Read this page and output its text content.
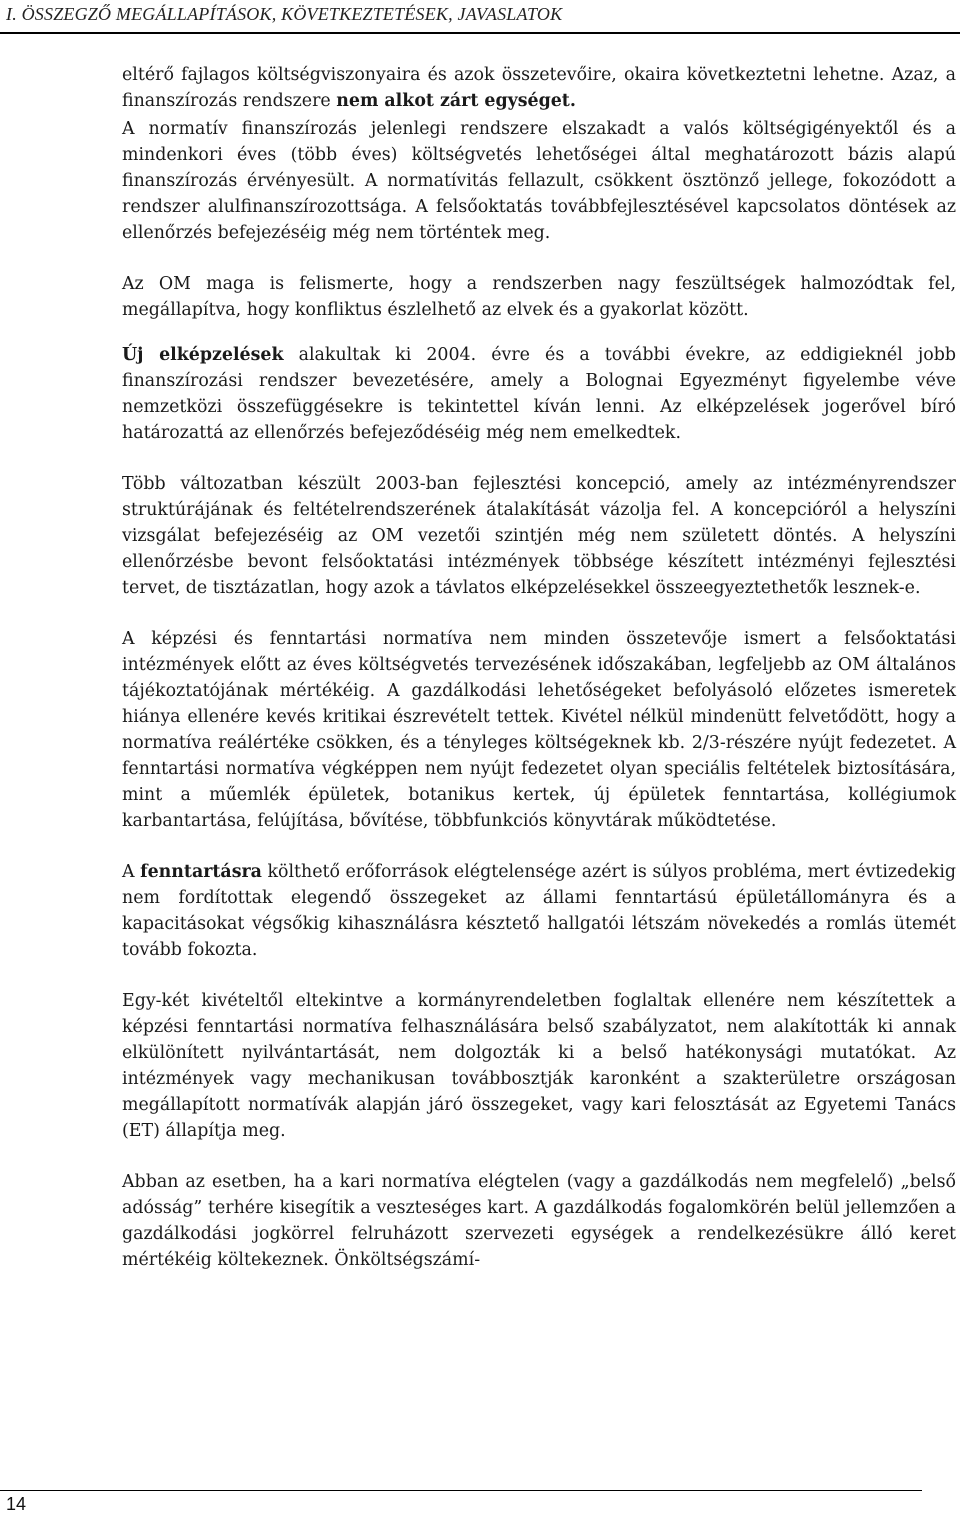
I. ÖSSZEGZŐ MEGÁLLAPÍTÁSOK, KÖVETKEZTETÉSEK, JAVASLATOK

eltérő fajlagos költségviszonyaira és azok összetevőire, okaira következtetni lehetne. Azaz, a finanszírozás rendszere nem alkot zárt egységet.

A normatív finanszírozás jelenlegi rendszere elszakadt a valós költségigényektől és a mindenkori éves (több éves) költségvetés lehetőségei által meghatározott bázis alapú finanszírozás érvényesült. A normatívitás fellazult, csökkent ösztönző jellege, fokozódott a rendszer alulfinanszírozottsága. A felsőoktatás továbbfejlesztésével kapcsolatos döntések az ellenőrzés befejezéséig még nem történtek meg.

Az OM maga is felismerte, hogy a rendszerben nagy feszültségek halmozódtak fel, megállapítva, hogy konfliktus észlelhető az elvek és a gyakorlat között.

Új elképzelések alakultak ki 2004. évre és a további évekre, az eddigieknél jobb finanszírozási rendszer bevezetésére, amely a Bolognai Egyezményt figyelembe véve nemzetközi összefüggésekre is tekintettel kíván lenni. Az elképzelések jogerővel bíró határozattá az ellenőrzés befejeződéséig még nem emelkedtek.

Több változatban készült 2003-ban fejlesztési koncepció, amely az intézményrendszer struktúrájának és feltételrendszerének átalakítását vázolja fel. A koncepcióról a helyszíni vizsgálat befejezéséig az OM vezetői szintjén még nem született döntés. A helyszíni ellenőrzésbe bevont felsőoktatási intézmények többsége készített intézményi fejlesztési tervet, de tisztázatlan, hogy azok a távlatos elképzelésekkel összeegyeztethetők lesznek-e.

A képzési és fenntartási normatíva nem minden összetevője ismert a felsőoktatási intézmények előtt az éves költségvetés tervezésének időszakában, legfeljebb az OM általános tájékoztatójának mértékéig. A gazdálkodási lehetőségeket befolyásoló előzetes ismeretek hiánya ellenére kevés kritikai észrevételt tettek. Kivétel nélkül mindenütt felvetődött, hogy a normatíva reálértéke csökken, és a tényleges költségeknek kb. 2/3-részére nyújt fedezetet. A fenntartási normatíva végképpen nem nyújt fedezetet olyan speciális feltételek biztosítására, mint a műemlék épületek, botanikus kertek, új épületek fenntartása, kollégiumok karbantartása, felújítása, bővítése, többfunkciós könyvtárak működtetése.

A fenntartásra költhető erőforrások elégtelensége azért is súlyos probléma, mert évtizedekig nem fordítottak elegendő összegeket az állami fenntartású épületállományra és a kapacitásokat végsőkig kihasználásra késztető hallgatói létszám növekedés a romlás ütemét tovább fokozta.

Egy-két kivételtől eltekintve a kormányrendeletben foglaltak ellenére nem készítettek a képzési fenntartási normatíva felhasználására belső szabályzatot, nem alakították ki annak elkülönített nyilvántartását, nem dolgozták ki a belső hatékonysági mutatókat. Az intézmények vagy mechanikusan továbbosztják karonként a szakterületre országosan megállapított normatívák alapján járó összegeket, vagy kari felosztását az Egyetemi Tanács (ET) állapítja meg.

Abban az esetben, ha a kari normatíva elégtelen (vagy a gazdálkodás nem megfelelő) „belső adósság” terhére kisegítik a veszteséges kart. A gazdálkodás fogalomkörén belül jellemzően a gazdálkodási jogkörrel felruházott szervezeti egységek a rendelkezésükre álló keret mértékéig költekeznek. Önköltségszámí-

14
